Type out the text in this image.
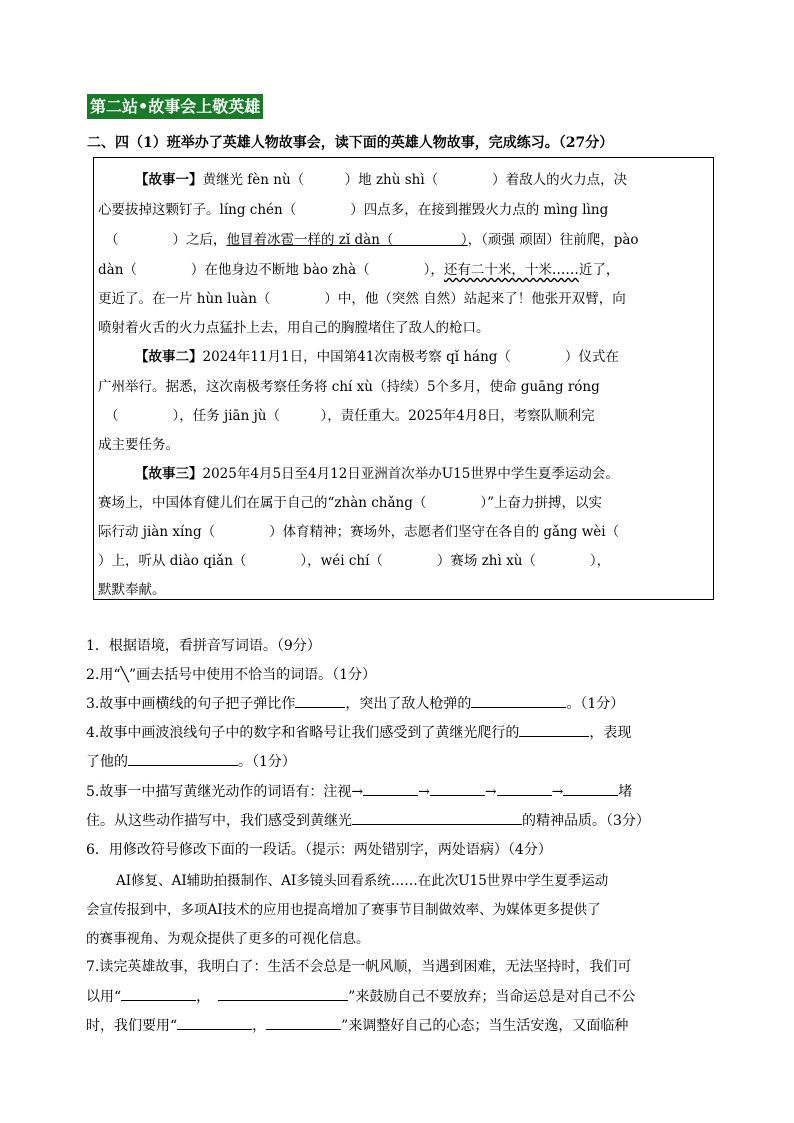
第二站•故事会上敬英雄
二、四（1）班举办了英雄人物故事会，读下面的英雄人物故事，完成练习。（27分）
【故事一】黄继光 fèn nù（　　　）地 zhù shì（　　　　）着敌人的火力点，决
心要拔掉这颗钉子。líng chén（　　　　）四点多，在接到摧毁火力点的 mìng lìng
（　　　　）之后，他冒着冰雹一样的 zǐ dàn（　　　　　），（顽强 顽固）往前爬，pào
dàn（　　　　）在他身边不断地 bào zhà（　　　　），还有二十米，十米……近了，
更近了。在一片 hùn luàn（　　　　）中，他（突然 自然）站起来了！他张开双臂，向
喷射着火舌的火力点猛扑上去，用自己的胸膛堵住了敌人的枪口。
【故事二】2024年11月1日，中国第41次南极考察 qǐ háng（　　　　）仪式在
广州举行。据悉，这次南极考察任务将 chí xù（持续）5个多月，使命 guāng róng
（　　　　），任务 jiān jù（　　　），责任重大。2025年4月8日，考察队顺利完
成主要任务。
【故事三】2025年4月5日至4月12日亚洲首次举办U15世界中学生夏季运动会。
赛场上，中国体育健儿们在属于自己的“zhàn chǎng（　　　　）”上奋力拼搏，以实
际行动 jiàn xíng（　　　　）体育精神；赛场外，志愿者们坚守在各自的 gǎng wèi（
）上，听从 diào qiǎn（　　　　），wéi chí（　　　　）赛场 zhì xù（　　　　），
默默奉献。
1．根据语境，看拼音写词语。（9分）
2.用“╲”画去括号中使用不恰当的词语。（1分）
3.故事中画横线的句子把子弹比作	，突出了敌人枪弹的	。（1分）
4.故事中画波浪线句子中的数字和省略号让我们感受到了黄继光爬行的	，表现
了他的	。（1分）
5.故事一中描写黄继光动作的词语有：注视→	→	→	→	堵
住。从这些动作描写中，我们感受到黄继光	的精神品质。（3分）
6．用修改符号修改下面的一段话。（提示：两处错别字，两处语病）（4分）
AI修复、AI辅助拍摄制作、AI多镜头回看系统……在此次U15世界中学生夏季运动
会宣传报到中，多项AI技术的应用也提高增加了赛事节目制做效率、为媒体更多提供了
的赛事视角、为观众提供了更多的可视化信息。
7.读完英雄故事，我明白了：生活不会总是一帆风顺，当遇到困难，无法坚持时，我们可
以用“	，	”来鼓励自己不要放弃；当命运总是对自己不公
时，我们要用“	，	”来调整好自己的心态；当生活安逸，又面临种
